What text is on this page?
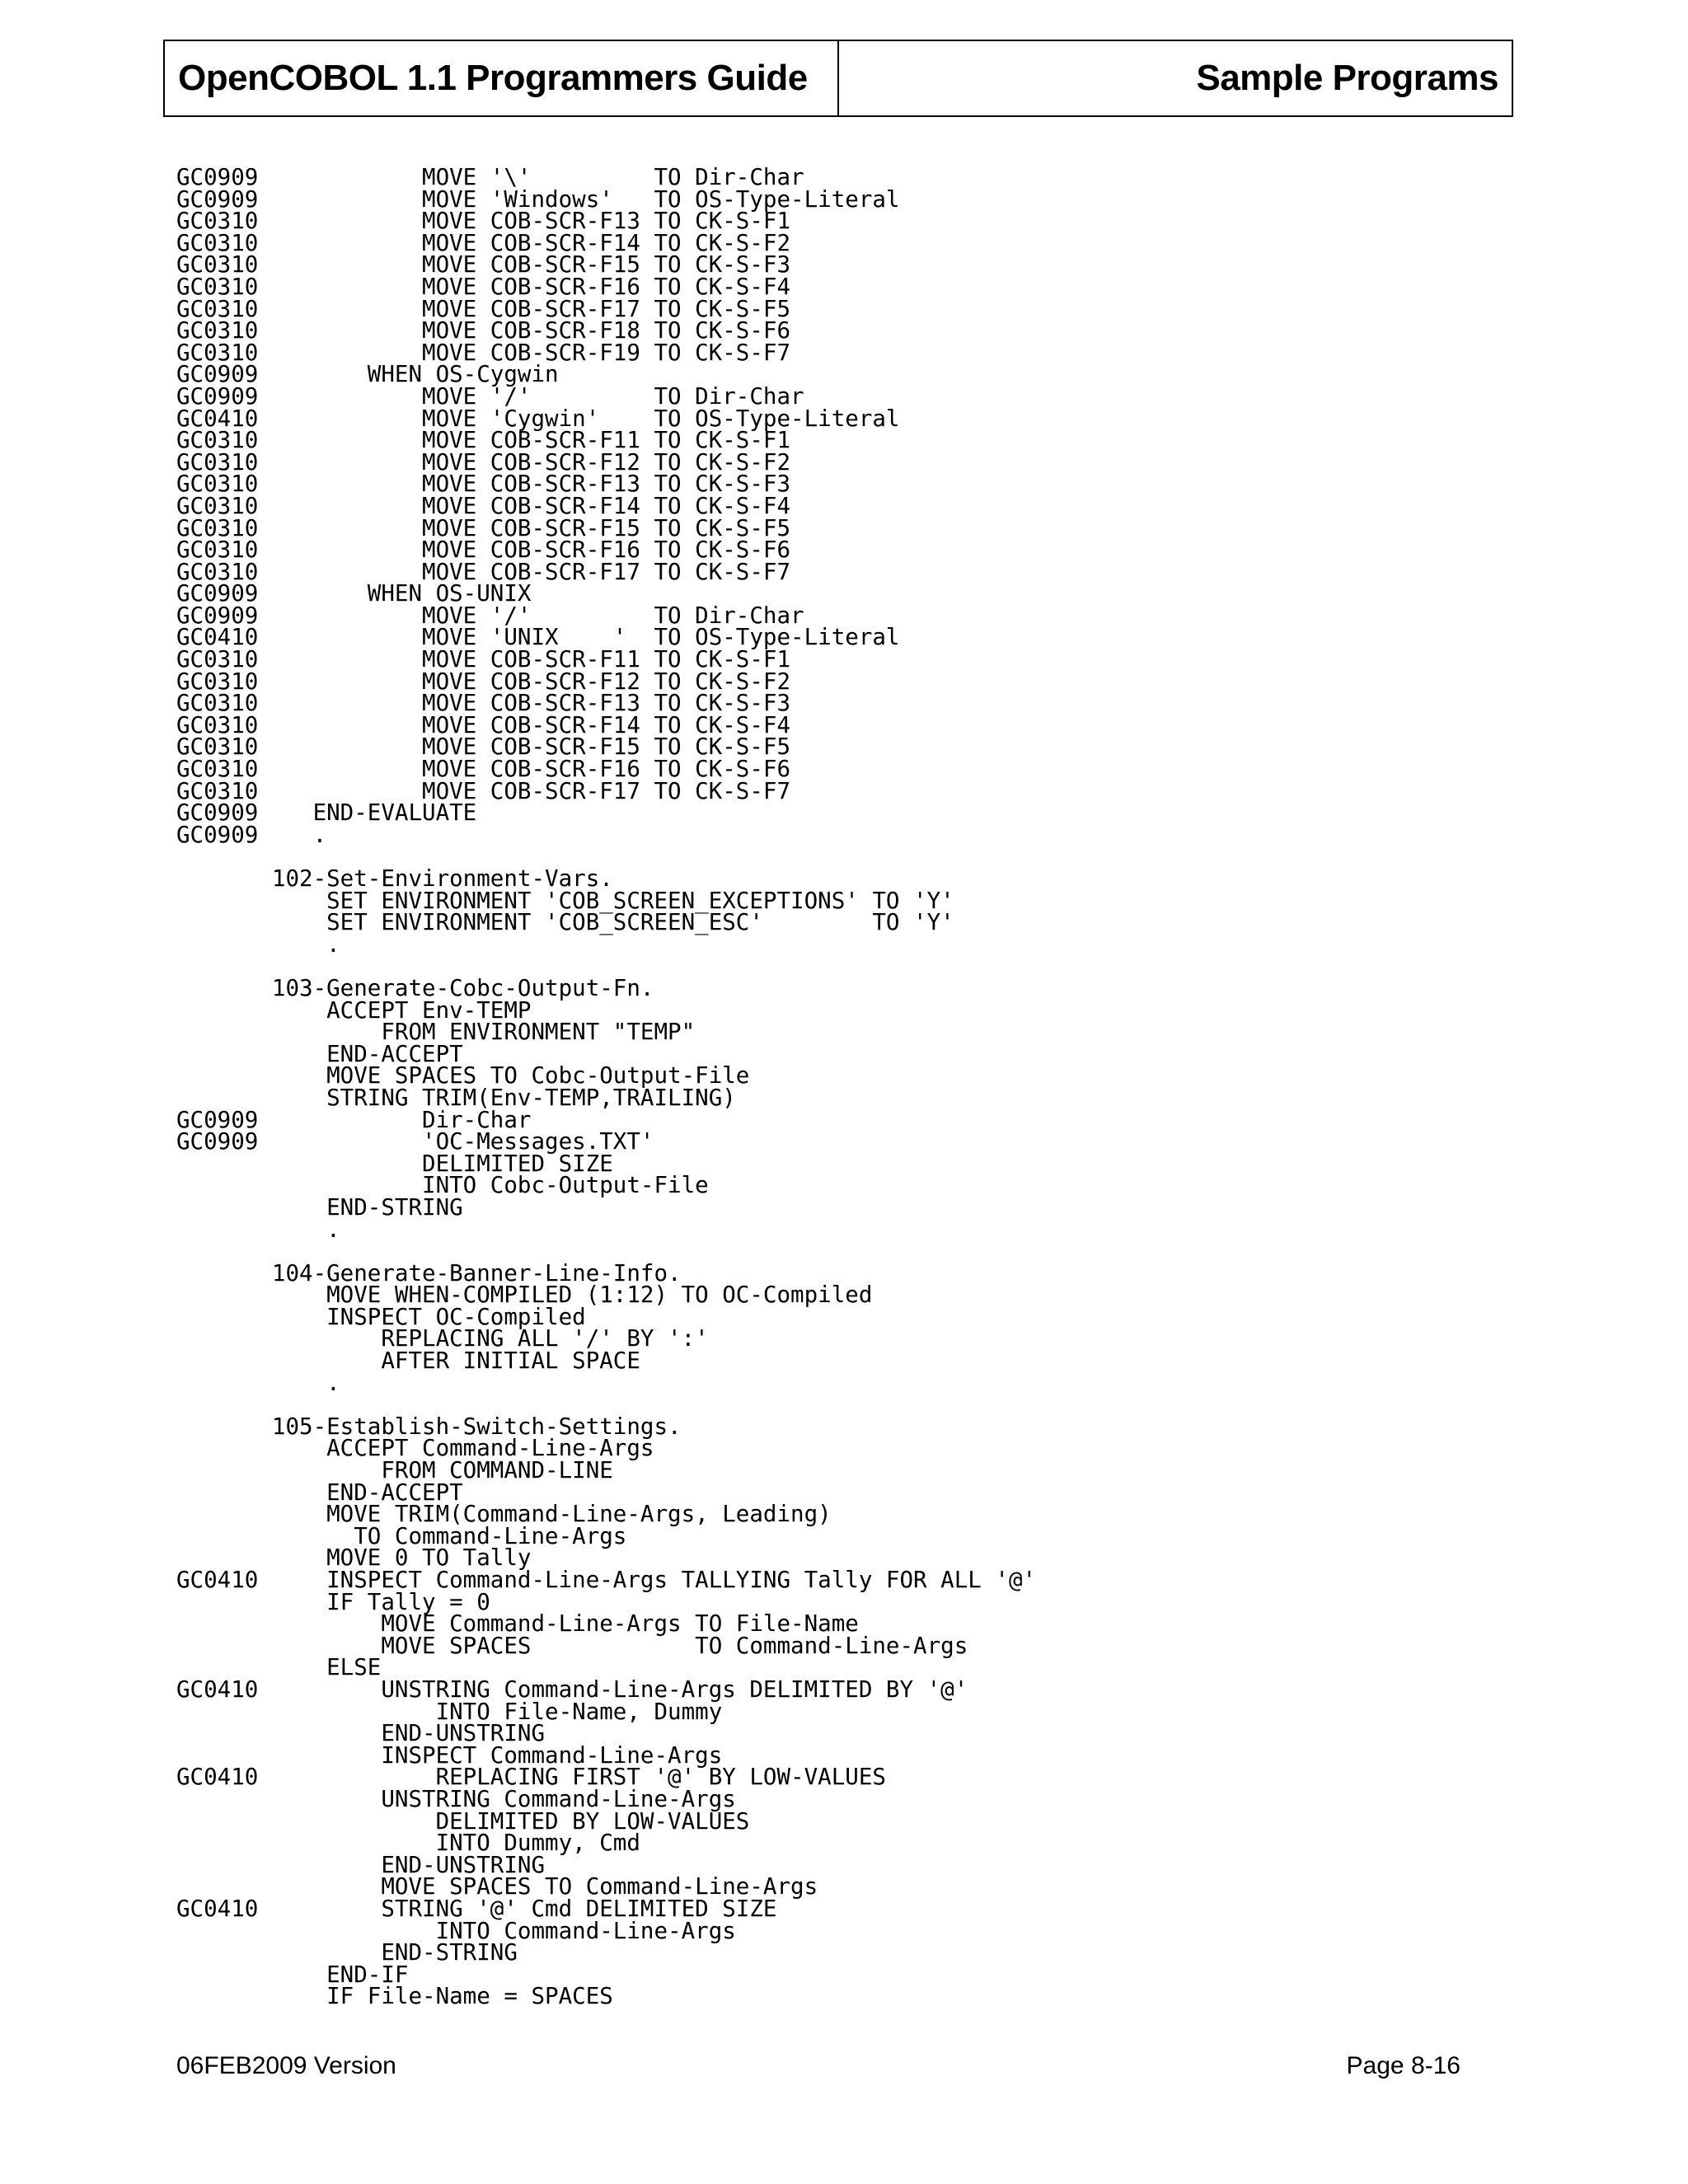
OpenCOBOL 1.1 Programmers Guide	Sample Programs
GC0909            MOVE '\'         TO Dir-Char
GC0909            MOVE 'Windows'   TO OS-Type-Literal
GC0310            MOVE COB-SCR-F13 TO CK-S-F1
GC0310            MOVE COB-SCR-F14 TO CK-S-F2
GC0310            MOVE COB-SCR-F15 TO CK-S-F3
GC0310            MOVE COB-SCR-F16 TO CK-S-F4
GC0310            MOVE COB-SCR-F17 TO CK-S-F5
GC0310            MOVE COB-SCR-F18 TO CK-S-F6
GC0310            MOVE COB-SCR-F19 TO CK-S-F7
GC0909        WHEN OS-Cygwin
GC0909            MOVE '/'         TO Dir-Char
GC0410            MOVE 'Cygwin'    TO OS-Type-Literal
GC0310            MOVE COB-SCR-F11 TO CK-S-F1
GC0310            MOVE COB-SCR-F12 TO CK-S-F2
GC0310            MOVE COB-SCR-F13 TO CK-S-F3
GC0310            MOVE COB-SCR-F14 TO CK-S-F4
GC0310            MOVE COB-SCR-F15 TO CK-S-F5
GC0310            MOVE COB-SCR-F16 TO CK-S-F6
GC0310            MOVE COB-SCR-F17 TO CK-S-F7
GC0909        WHEN OS-UNIX
GC0909            MOVE '/'         TO Dir-Char
GC0410            MOVE 'UNIX    '  TO OS-Type-Literal
GC0310            MOVE COB-SCR-F11 TO CK-S-F1
GC0310            MOVE COB-SCR-F12 TO CK-S-F2
GC0310            MOVE COB-SCR-F13 TO CK-S-F3
GC0310            MOVE COB-SCR-F14 TO CK-S-F4
GC0310            MOVE COB-SCR-F15 TO CK-S-F5
GC0310            MOVE COB-SCR-F16 TO CK-S-F6
GC0310            MOVE COB-SCR-F17 TO CK-S-F7
GC0909    END-EVALUATE
GC0909    .

102-Set-Environment-Vars.
SET ENVIRONMENT 'COB_SCREEN_EXCEPTIONS' TO 'Y'
SET ENVIRONMENT 'COB_SCREEN_ESC'        TO 'Y'
.

103-Generate-Cobc-Output-Fn.
ACCEPT Env-TEMP
FROM ENVIRONMENT "TEMP"
END-ACCEPT
MOVE SPACES TO Cobc-Output-File
STRING TRIM(Env-TEMP,TRAILING)
GC0909            Dir-Char
GC0909            'OC-Messages.TXT'
DELIMITED SIZE
INTO Cobc-Output-File
END-STRING
.

104-Generate-Banner-Line-Info.
MOVE WHEN-COMPILED (1:12) TO OC-Compiled
INSPECT OC-Compiled
REPLACING ALL '/' BY ':'
AFTER INITIAL SPACE
.

105-Establish-Switch-Settings.
ACCEPT Command-Line-Args
FROM COMMAND-LINE
END-ACCEPT
MOVE TRIM(Command-Line-Args, Leading)
TO Command-Line-Args
MOVE 0 TO Tally
GC0410     INSPECT Command-Line-Args TALLYING Tally FOR ALL '@'
IF Tally = 0
MOVE Command-Line-Args TO File-Name
MOVE SPACES            TO Command-Line-Args
ELSE
GC0410         UNSTRING Command-Line-Args DELIMITED BY '@'
INTO File-Name, Dummy
END-UNSTRING
INSPECT Command-Line-Args
GC0410             REPLACING FIRST '@' BY LOW-VALUES
UNSTRING Command-Line-Args
DELIMITED BY LOW-VALUES
INTO Dummy, Cmd
END-UNSTRING
MOVE SPACES TO Command-Line-Args
GC0410         STRING '@' Cmd DELIMITED SIZE
INTO Command-Line-Args
END-STRING
END-IF
IF File-Name = SPACES
06FEB2009 Version	Page 8-16
